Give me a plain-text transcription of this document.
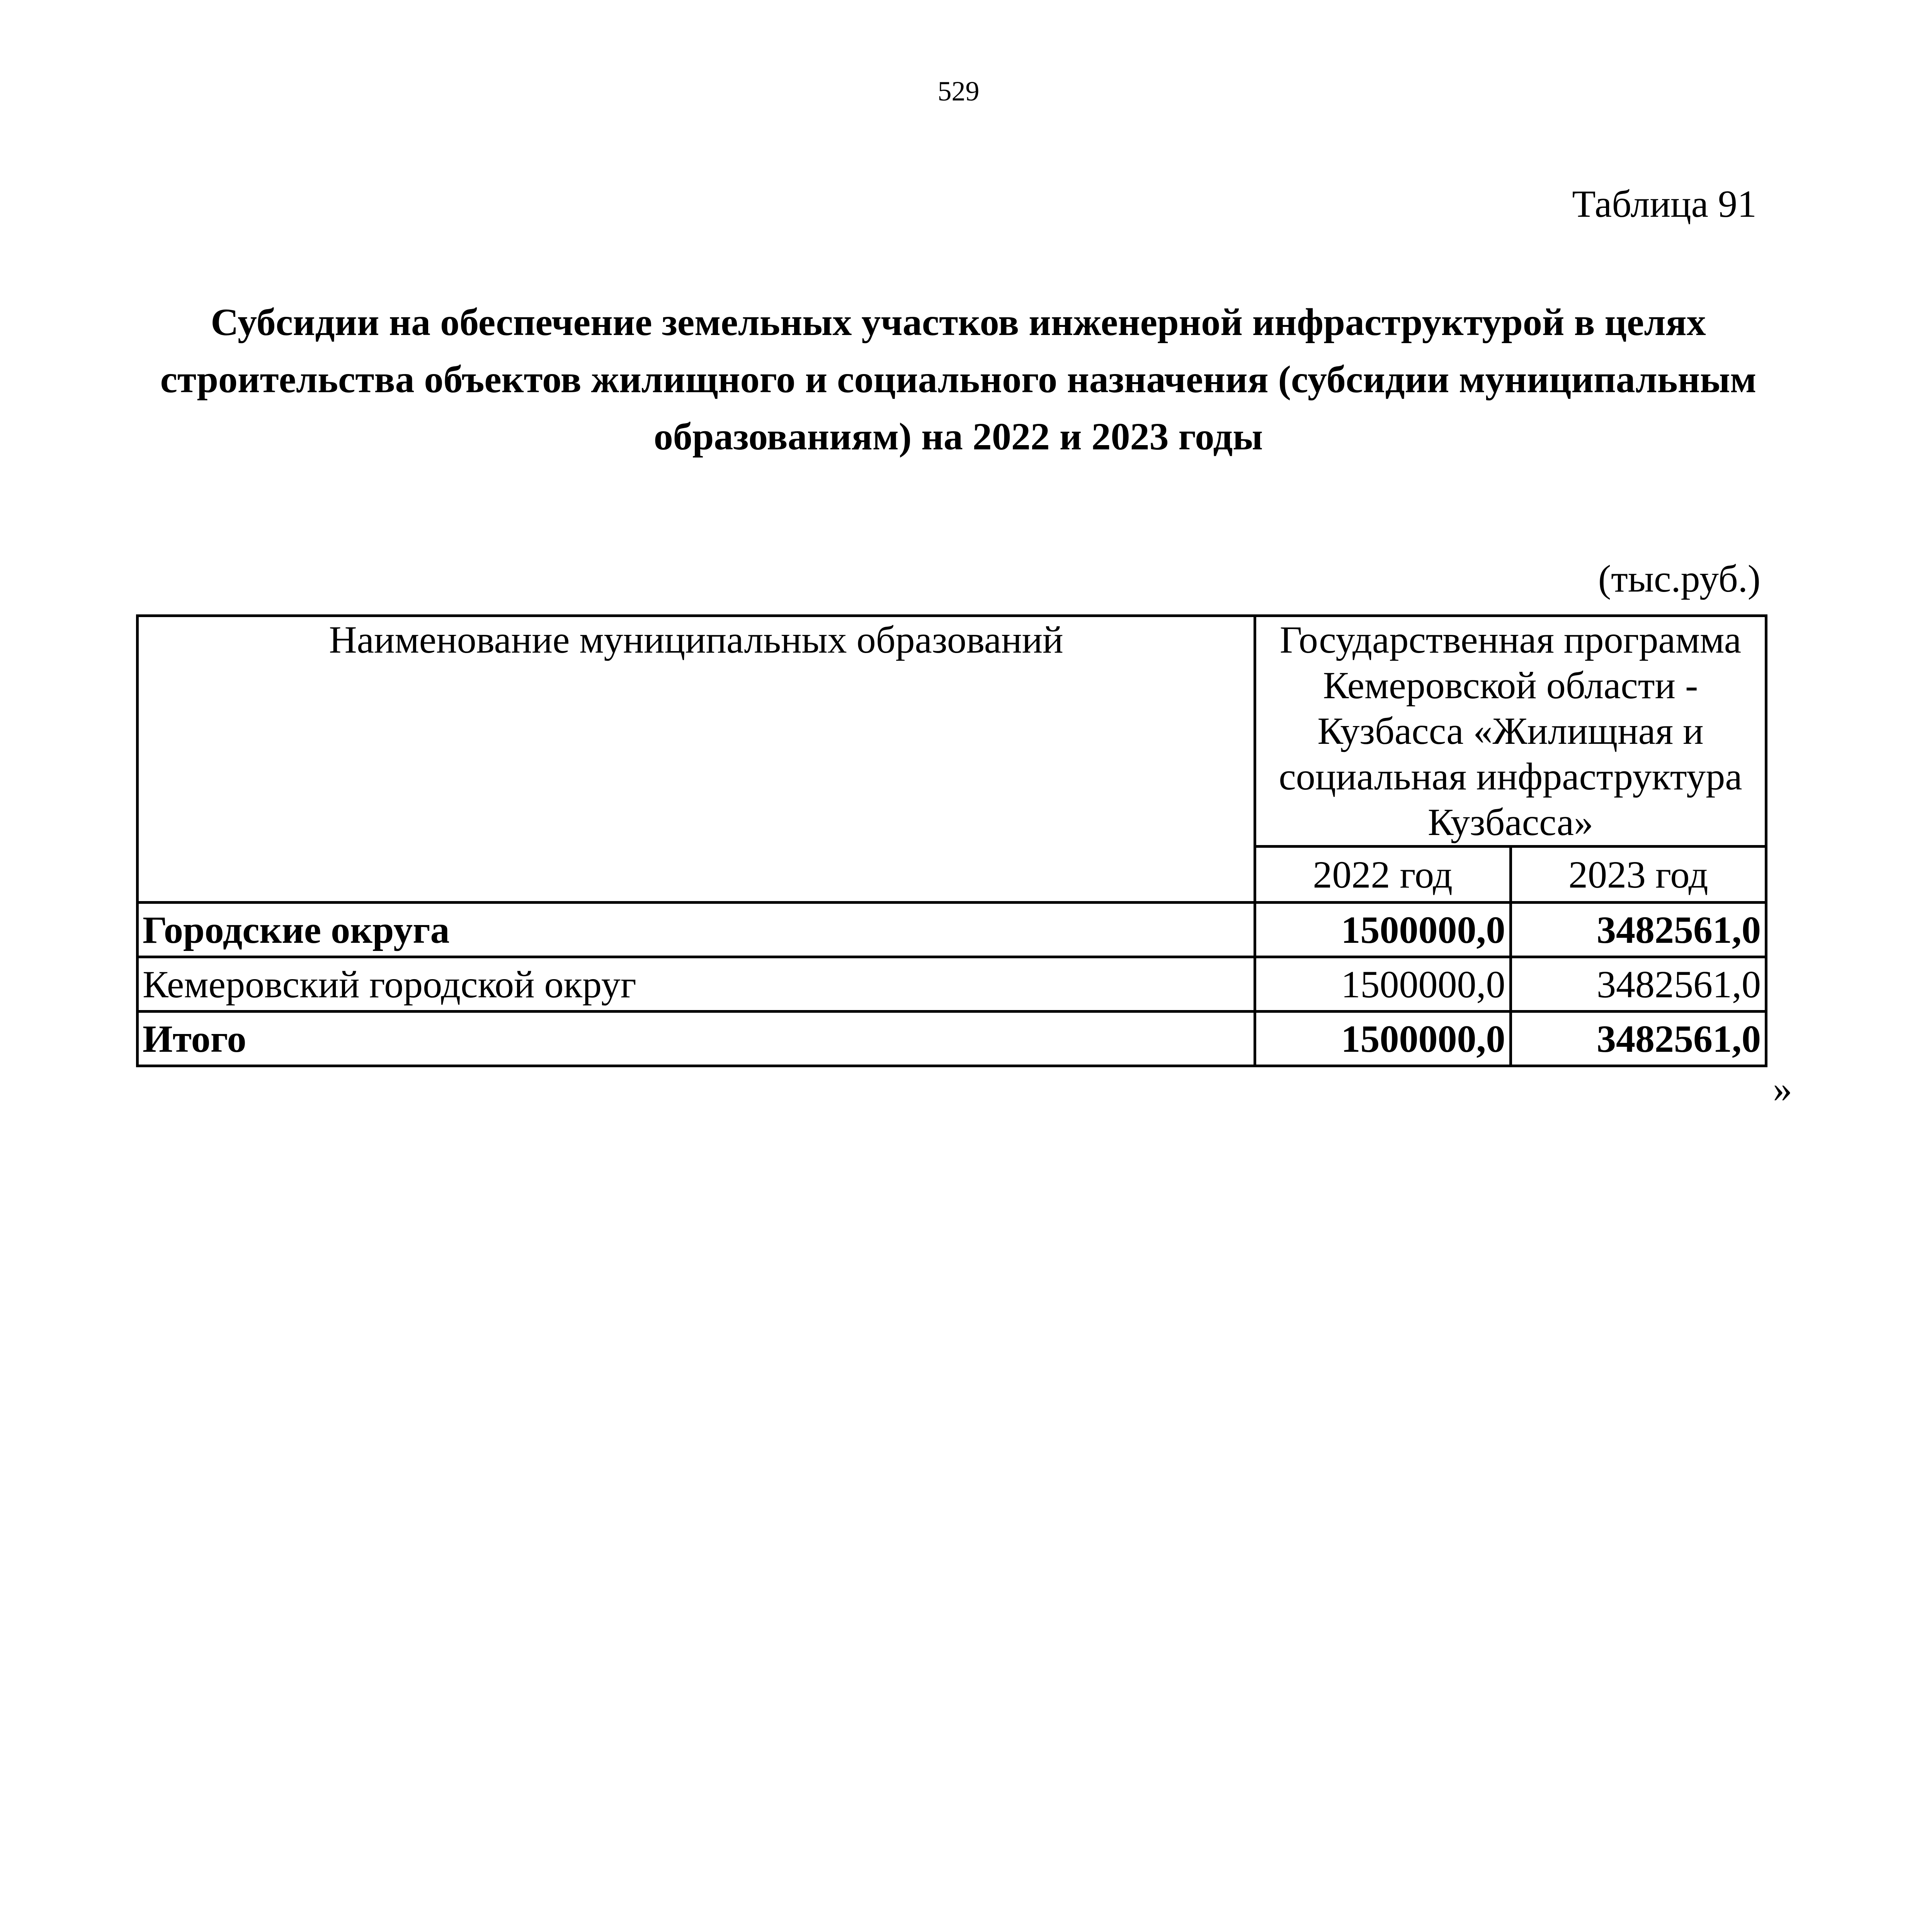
529
Таблица 91
Субсидии на обеспечение земельных участков инженерной инфраструктурой в целях строительства объектов жилищного и социального назначения (субсидии муниципальным образованиям) на 2022 и 2023 годы
(тыс.руб.)
Наименование муниципальных образований	Государственная программа Кемеровской области - Кузбасса «Жилищная и социальная инфраструктура Кузбасса»	
	2022 год	2023 год
Городские округа	1500000,0	3482561,0
Кемеровский городской округ	1500000,0	3482561,0
Итого	1500000,0	3482561,0
»
